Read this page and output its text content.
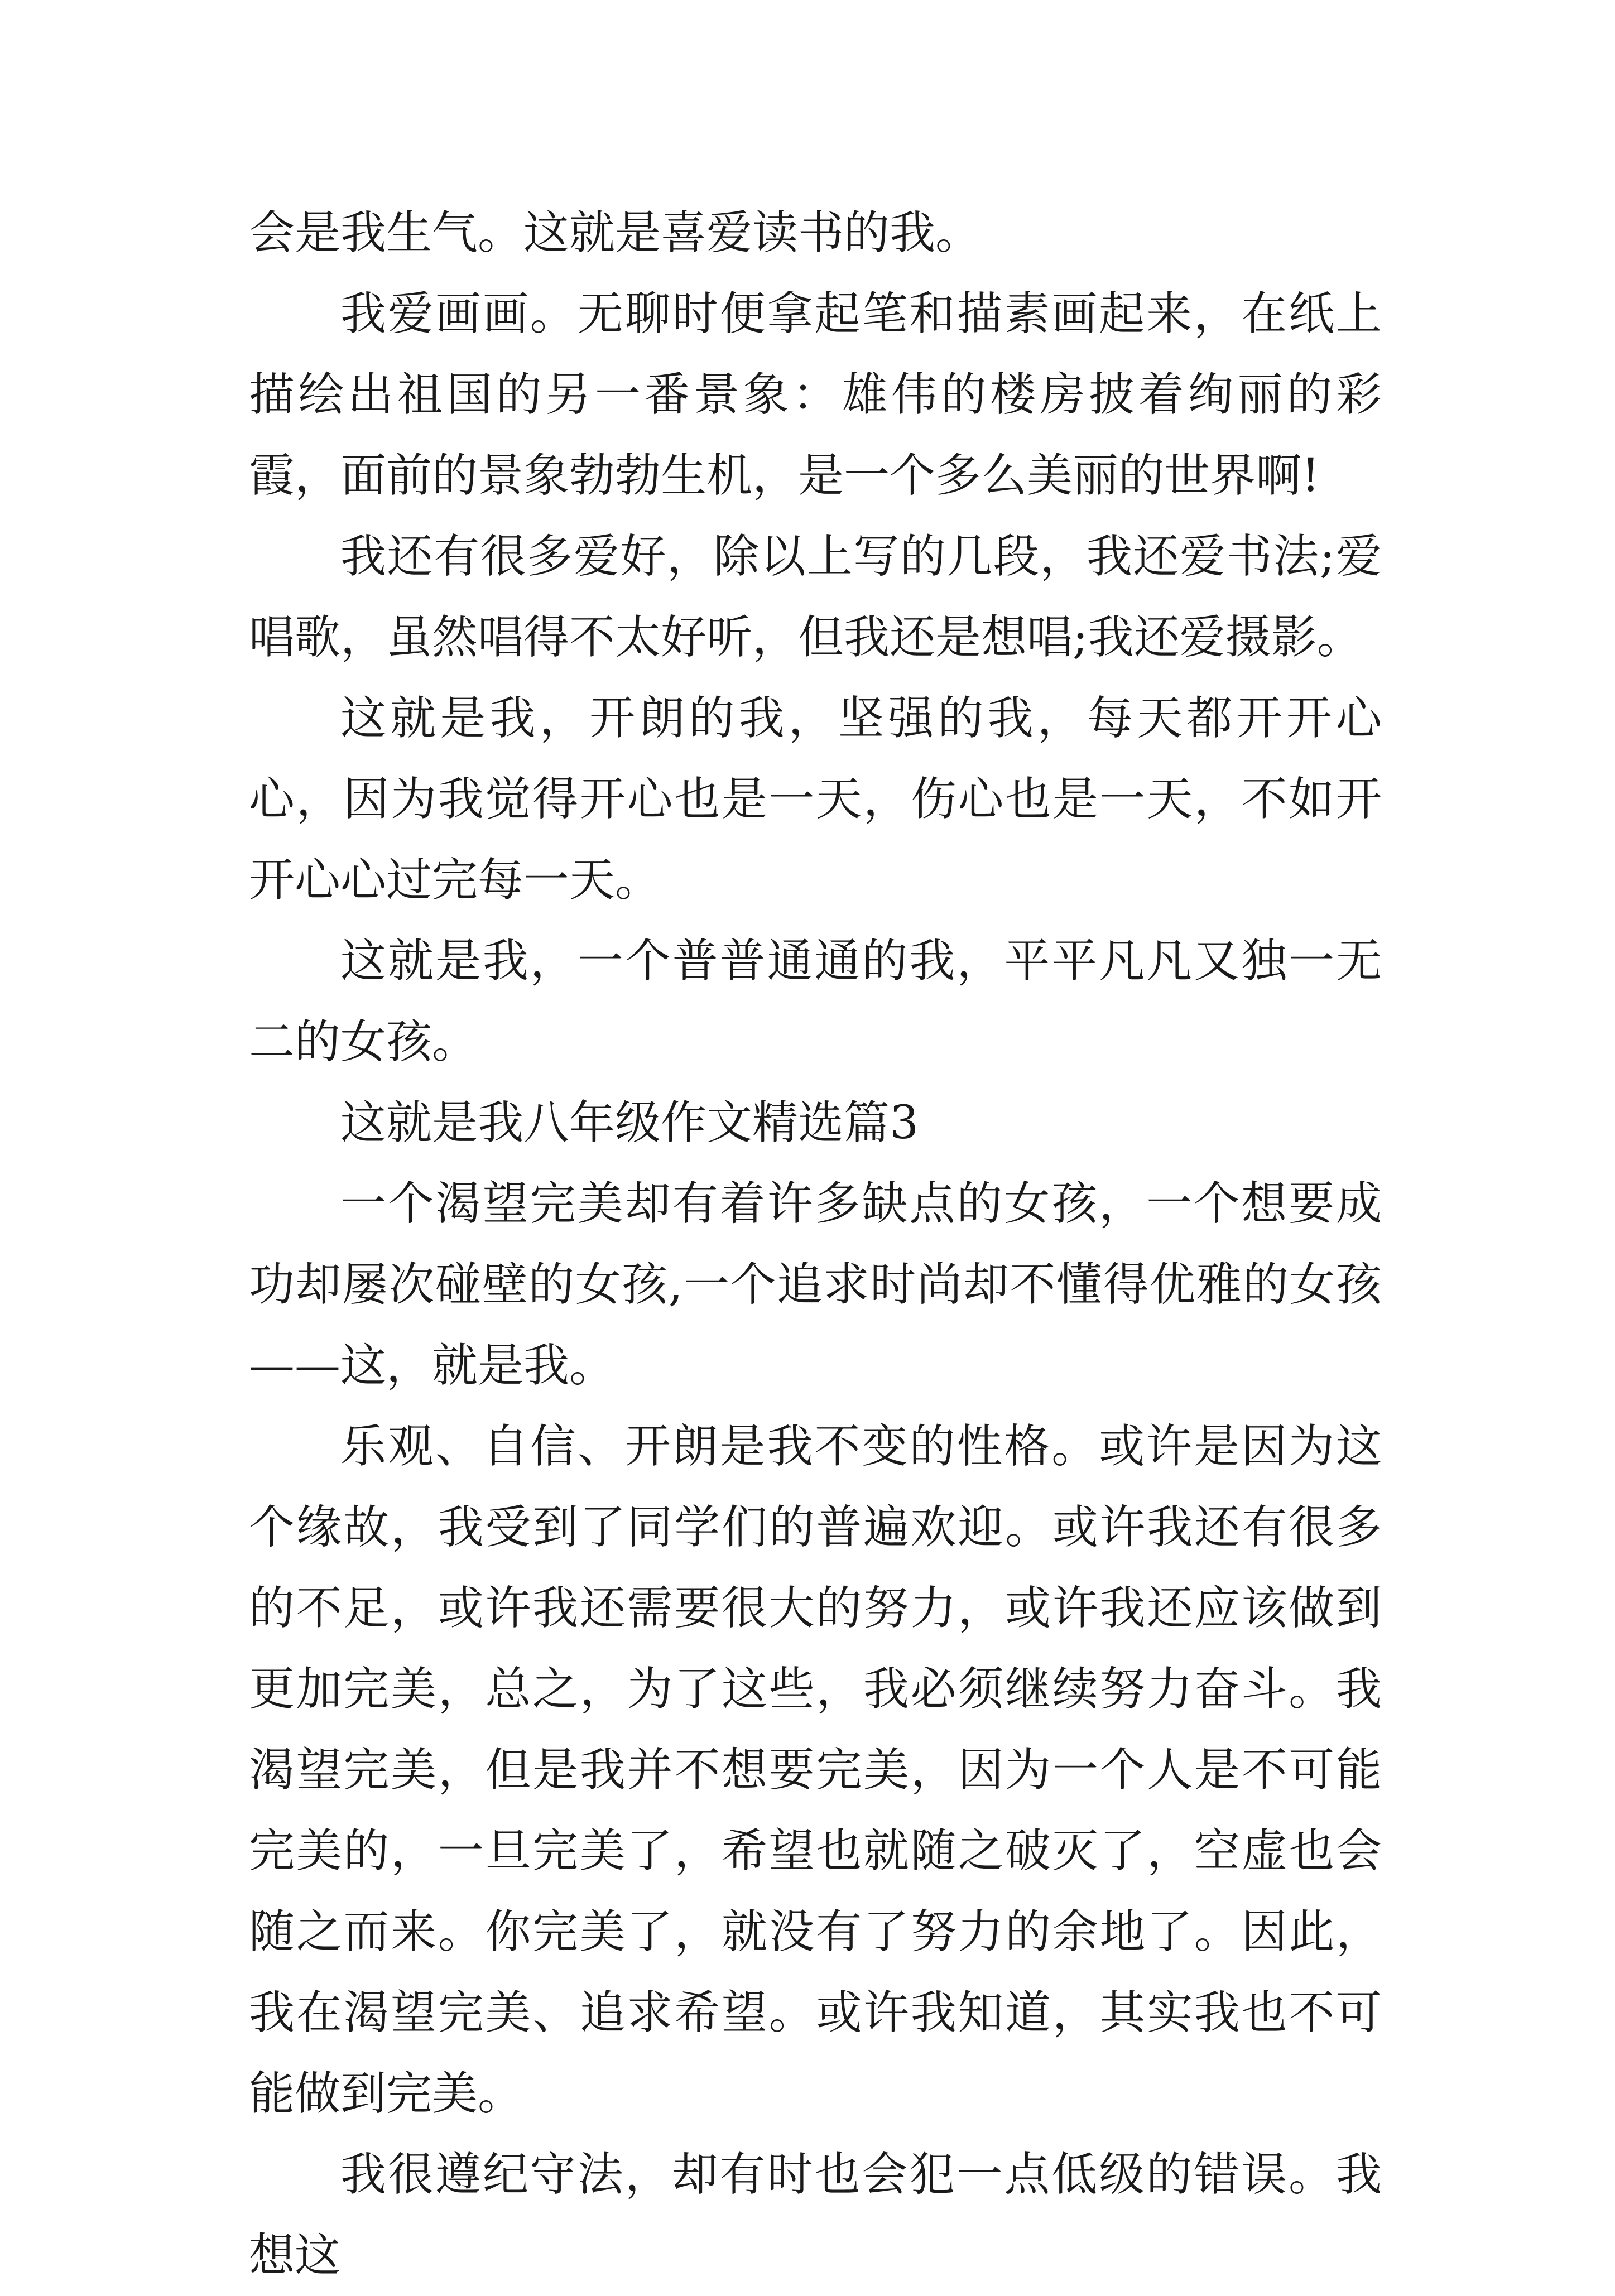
会是我生气。这就是喜爱读书的我。

我爱画画。无聊时便拿起笔和描素画起来，在纸上描绘出祖国的另一番景象：雄伟的楼房披着绚丽的彩霞，面前的景象勃勃生机，是一个多么美丽的世界啊!

我还有很多爱好，除以上写的几段，我还爱书法;爱唱歌，虽然唱得不太好听，但我还是想唱;我还爱摄影。

这就是我，开朗的我，坚强的我，每天都开开心心，因为我觉得开心也是一天，伤心也是一天，不如开开心心过完每一天。

这就是我，一个普普通通的我，平平凡凡又独一无二的女孩。

这就是我八年级作文精选篇3

一个渴望完美却有着许多缺点的女孩，一个想要成功却屡次碰壁的女孩,一个追求时尚却不懂得优雅的女孩——这，就是我。

乐观、自信、开朗是我不变的性格。或许是因为这个缘故，我受到了同学们的普遍欢迎。或许我还有很多的不足，或许我还需要很大的努力，或许我还应该做到更加完美，总之，为了这些，我必须继续努力奋斗。我渴望完美，但是我并不想要完美，因为一个人是不可能完美的，一旦完美了，希望也就随之破灭了，空虚也会随之而来。你完美了，就没有了努力的余地了。因此，我在渴望完美、追求希望。或许我知道，其实我也不可能做到完美。

我很遵纪守法，却有时也会犯一点低级的错误。我想这
